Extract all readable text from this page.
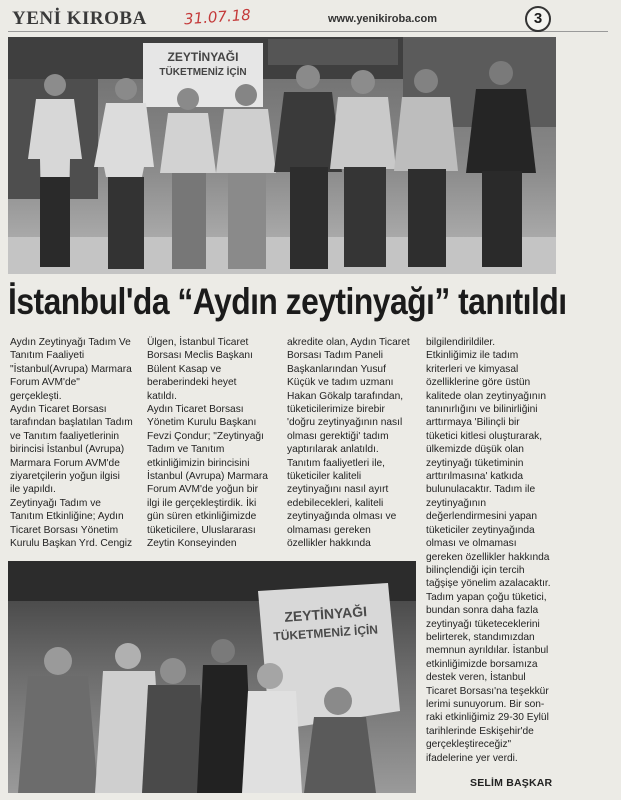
YENİ KIROBA 31.07.18	www.yenikiroba.com	3
ZEYTİNYAĞI
TÜKETMENİZ İÇİN
İstanbul'da “Aydın zeytinyağı” tanıtıldı
Aydın Zeytinyağı Tadım Ve
Tanıtım Faaliyeti
"İstanbul(Avrupa) Marmara
Forum AVM'de"
gerçekleşti.
Aydın Ticaret Borsası
tarafından başlatılan Tadım
ve Tanıtım faaliyetlerinin
birincisi İstanbul (Avrupa)
Marmara Forum AVM'de
ziyaretçilerin yoğun ilgisi
ile yapıldı.
Zeytinyağı Tadım ve
Tanıtım Etkinliğine; Aydın
Ticaret Borsası Yönetim
Kurulu Başkan Yrd. Cengiz
Ülgen, İstanbul Ticaret
Borsası Meclis Başkanı
Bülent Kasap ve
beraberindeki heyet
katıldı.
Aydın Ticaret Borsası
Yönetim Kurulu Başkanı
Fevzi Çondur; "Zeytinyağı
Tadım ve Tanıtım
etkinliğimizin birincisini
İstanbul (Avrupa) Marmara
Forum AVM'de yoğun bir
ilgi ile gerçekleştirdik. İki
gün süren etkinliğimizde
tüketicilere, Uluslararası
Zeytin Konseyinden
akredite olan, Aydın Ticaret
Borsası Tadım Paneli
Başkanlarından Yusuf
Küçük ve tadım uzmanı
Hakan Gökalp tarafından,
tüketicilerimize birebir
'doğru zeytinyağının nasıl
olması gerektiği' tadım
yaptırılarak anlatıldı.
Tanıtım faaliyetleri ile,
tüketiciler kaliteli
zeytinyağını nasıl ayırt
edebilecekleri, kaliteli
zeytinyağında olması ve
olmaması gereken
özellikler hakkında
bilgilendirildiler.
Etkinliğimiz ile tadım
kriterleri ve kimyasal
özelliklerine göre üstün
kalitede olan zeytinyağının
tanınırlığını ve bilinirliğini
arttırmaya 'Bilinçli bir
tüketici kitlesi oluşturarak,
ülkemizde düşük olan
zeytinyağı tüketiminin
arttırılmasına' katkıda
bulunulacaktır. Tadım ile
zeytinyağının
değerlendirmesini yapan
tüketiciler zeytinyağında
olması ve olmaması
gereken özellikler hakkında
bilinçlendiği için tercih
tağşişe yönelim azalacaktır.
Tadım yapan çoğu tüketici,
bundan sonra daha fazla
zeytinyağı tüketeceklerini
belirterek, standımızdan
memnun ayrıldılar. İstanbul
etkinliğimizde borsamıza
destek veren, İstanbul
Ticaret Borsası'na teşekkür
lerimi sunuyorum. Bir son-
raki etkinliğimiz 29-30 Eylül
tarihlerinde Eskişehir'de
gerçekleştireceğiz"
ifadelerine yer verdi.
ZEYTİNYAĞI
TÜKETMENİZ İÇİN
SELİM BAŞKAR
